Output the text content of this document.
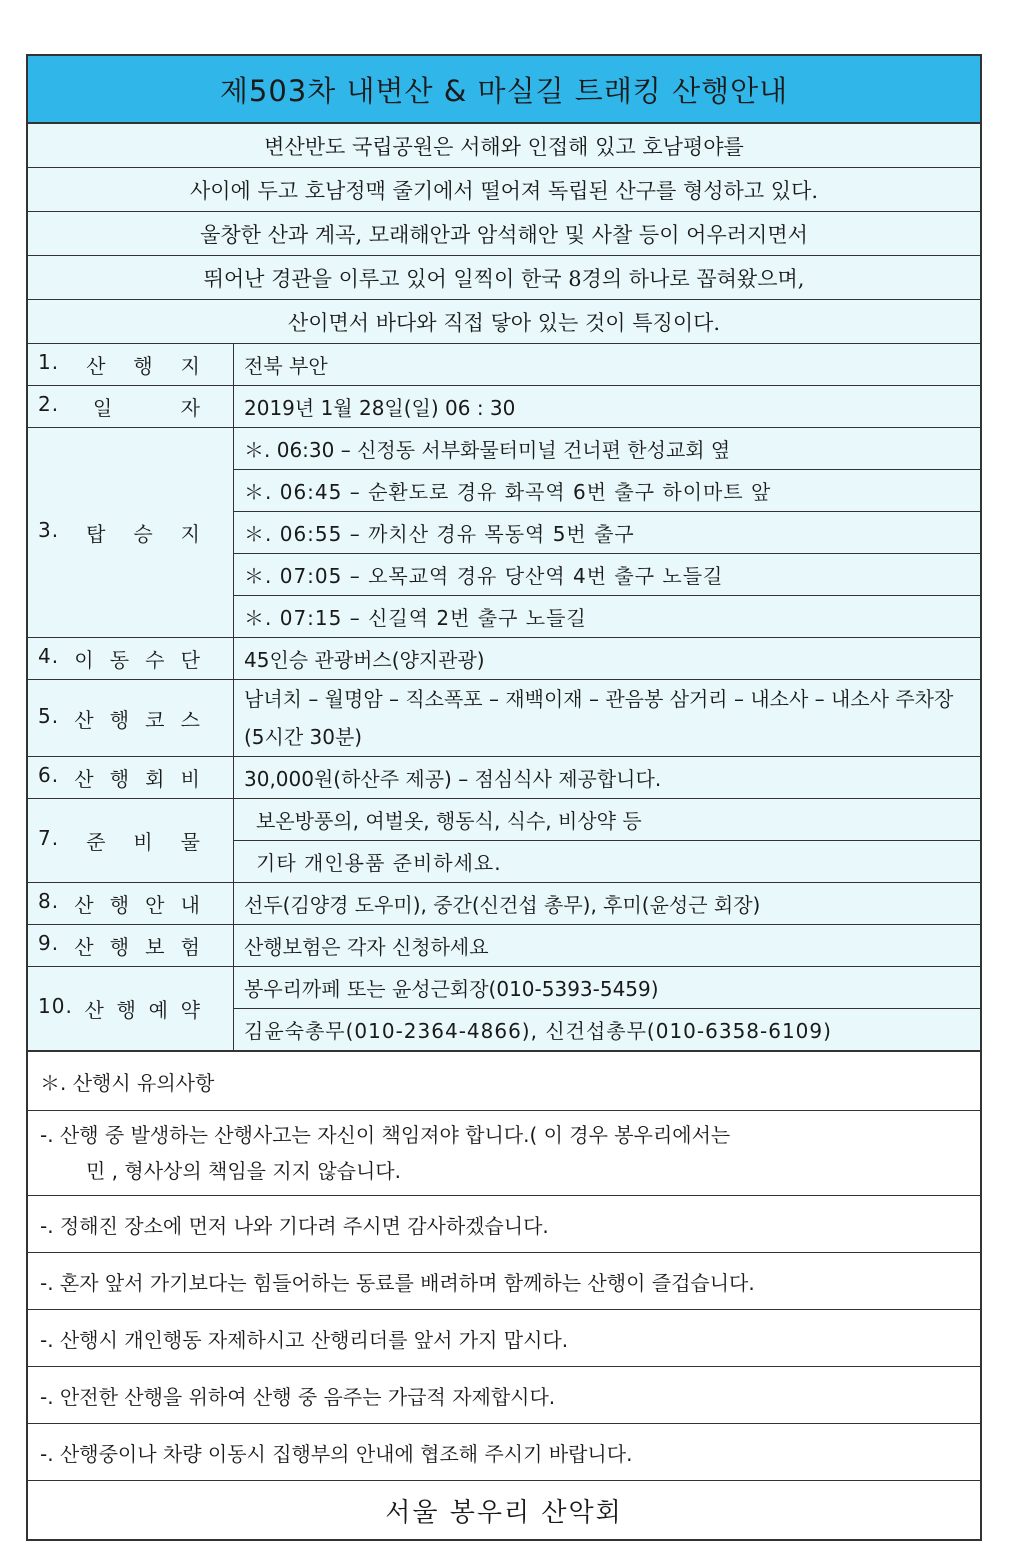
제503차 내변산 & 마실길 트래킹 산행안내
변산반도 국립공원은 서해와 인접해 있고 호남평야를
사이에 두고 호남정맥 줄기에서 떨어져 독립된 산구를 형성하고 있다.
울창한 산과 계곡, 모래해안과 암석해안 및 사찰 등이 어우러지면서
뛰어난 경관을 이루고 있어 일찍이 한국 8경의 하나로 꼽혀왔으며,
산이면서 바다와 직접 닿아 있는 것이 특징이다.
1. 산 행 지	전북 부안

2. 일 자	2019년 1월 28일(일) 06 : 30

3. 탑 승 지	＊. 06:30 – 신정동 서부화물터미널 건너편 한성교회 옆
	＊. 06:45 – 순환도로 경유 화곡역 6번 출구 하이마트 앞
	＊. 06:55 – 까치산 경유 목동역 5번 출구
	＊. 07:05 – 오목교역 경유 당산역 4번 출구 노들길
	＊. 07:15 – 신길역 2번 출구 노들길

4. 이 동 수 단	45인승 관광버스(양지관광)

5. 산 행 코 스	남녀치 – 월명암 – 직소폭포 – 재백이재 – 관음봉 삼거리 – 내소사 – 내소사 주차장(5시간 30분)

6. 산 행 회 비	30,000원(하산주 제공) – 점심식사 제공합니다.

7. 준 비 물	보온방풍의, 여벌옷, 행동식, 식수, 비상약 등
	기타 개인용품 준비하세요.

8. 산 행 안 내	선두(김양경 도우미), 중간(신건섭 총무), 후미(윤성근 회장)

9. 산 행 보 험	산행보험은 각자 신청하세요

10. 산 행 예 약	봉우리까페 또는 윤성근회장(010-5393-5459)
	김윤숙총무(010-2364-4866), 신건섭총무(010-6358-6109)
＊. 산행시 유의사항
-. 산행 중 발생하는 산행사고는 자신이 책임져야 합니다.( 이 경우 봉우리에서는
민 , 형사상의 책임을 지지 않습니다.
-. 정해진 장소에 먼저 나와 기다려 주시면 감사하겠습니다.
-. 혼자 앞서 가기보다는 힘들어하는 동료를 배려하며 함께하는 산행이 즐겁습니다.
-. 산행시 개인행동 자제하시고 산행리더를 앞서 가지 맙시다.
-. 안전한 산행을 위하여 산행 중 음주는 가급적 자제합시다.
-. 산행중이나 차량 이동시 집행부의 안내에 협조해 주시기 바랍니다.
서울 봉우리 산악회
